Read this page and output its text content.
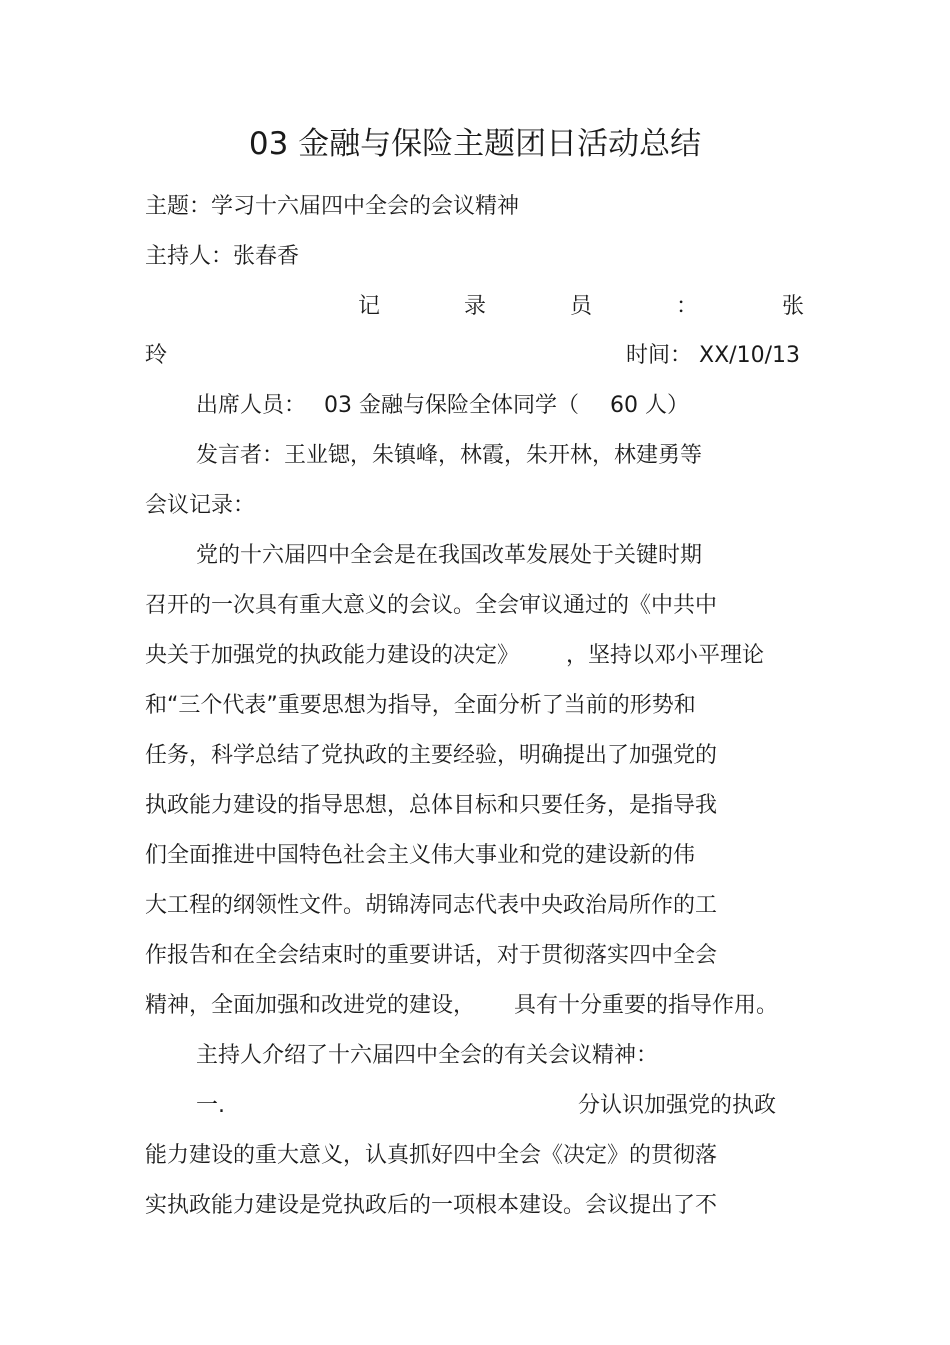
03 金融与保险主题团日活动总结

主题：学习十六届四中全会的会议精神

主持人：张春香

记	录	员	：	张

玲	时间： XX/10/13

出席人员： 03 金融与保险全体同学（ 60 人）

发言者：王业锶，朱镇峰，林霞，朱开林，林建勇等

会议记录：

党的十六届四中全会是在我国改革发展处于关键时期

召开的一次具有重大意义的会议。全会审议通过的《中共中

央关于加强党的执政能力建设的决定》 ，坚持以邓小平理论

和“三个代表”重要思想为指导，全面分析了当前的形势和

任务，科学总结了党执政的主要经验，明确提出了加强党的

执政能力建设的指导思想，总体目标和只要任务，是指导我

们全面推进中国特色社会主义伟大事业和党的建设新的伟

大工程的纲领性文件。胡锦涛同志代表中央政治局所作的工

作报告和在全会结束时的重要讲话，对于贯彻落实四中全会

精神，全面加强和改进党的建设， 具有十分重要的指导作用。

主持人介绍了十六届四中全会的有关会议精神：

一.	分认识加强党的执政

能力建设的重大意义，认真抓好四中全会《决定》的贯彻落

实执政能力建设是党执政后的一项根本建设。会议提出了不
